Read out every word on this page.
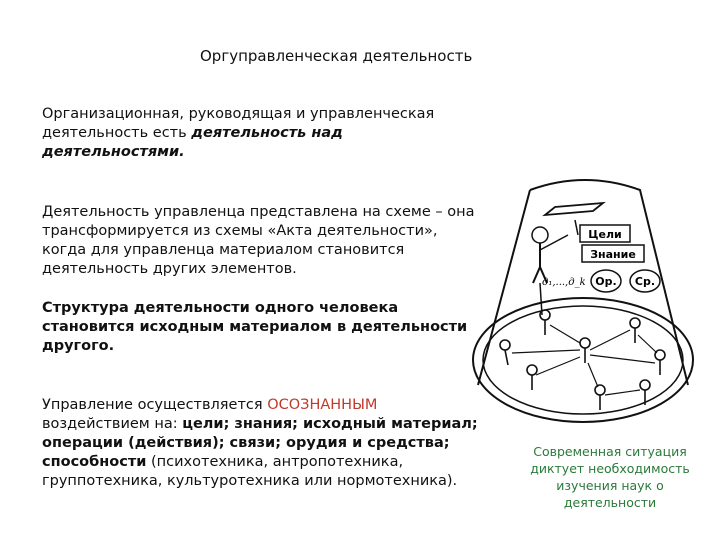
Оргуправленческая деятельность
Организационная, руководящая и управленческая деятельность есть деятельность над деятельностями.
Деятельность управленца представлена на схеме – она трансформируется из схемы «Акта деятельности», когда для управленца материалом становится деятельность других элементов.
Структура деятельности одного человека становится исходным материалом в деятельности другого.
Управление осуществляется ОСОЗНАННЫМ воздействием на: цели; знания; исходный материал; операции (действия); связи; орудия и средства; способности (психотехника, антропотехника, группотехника, культуротехника или нормотехника).
Цели
Знание
д₁,...,д_k Ор. Ср.
Современная ситуация диктует необходимость изучения наук о деятельности
